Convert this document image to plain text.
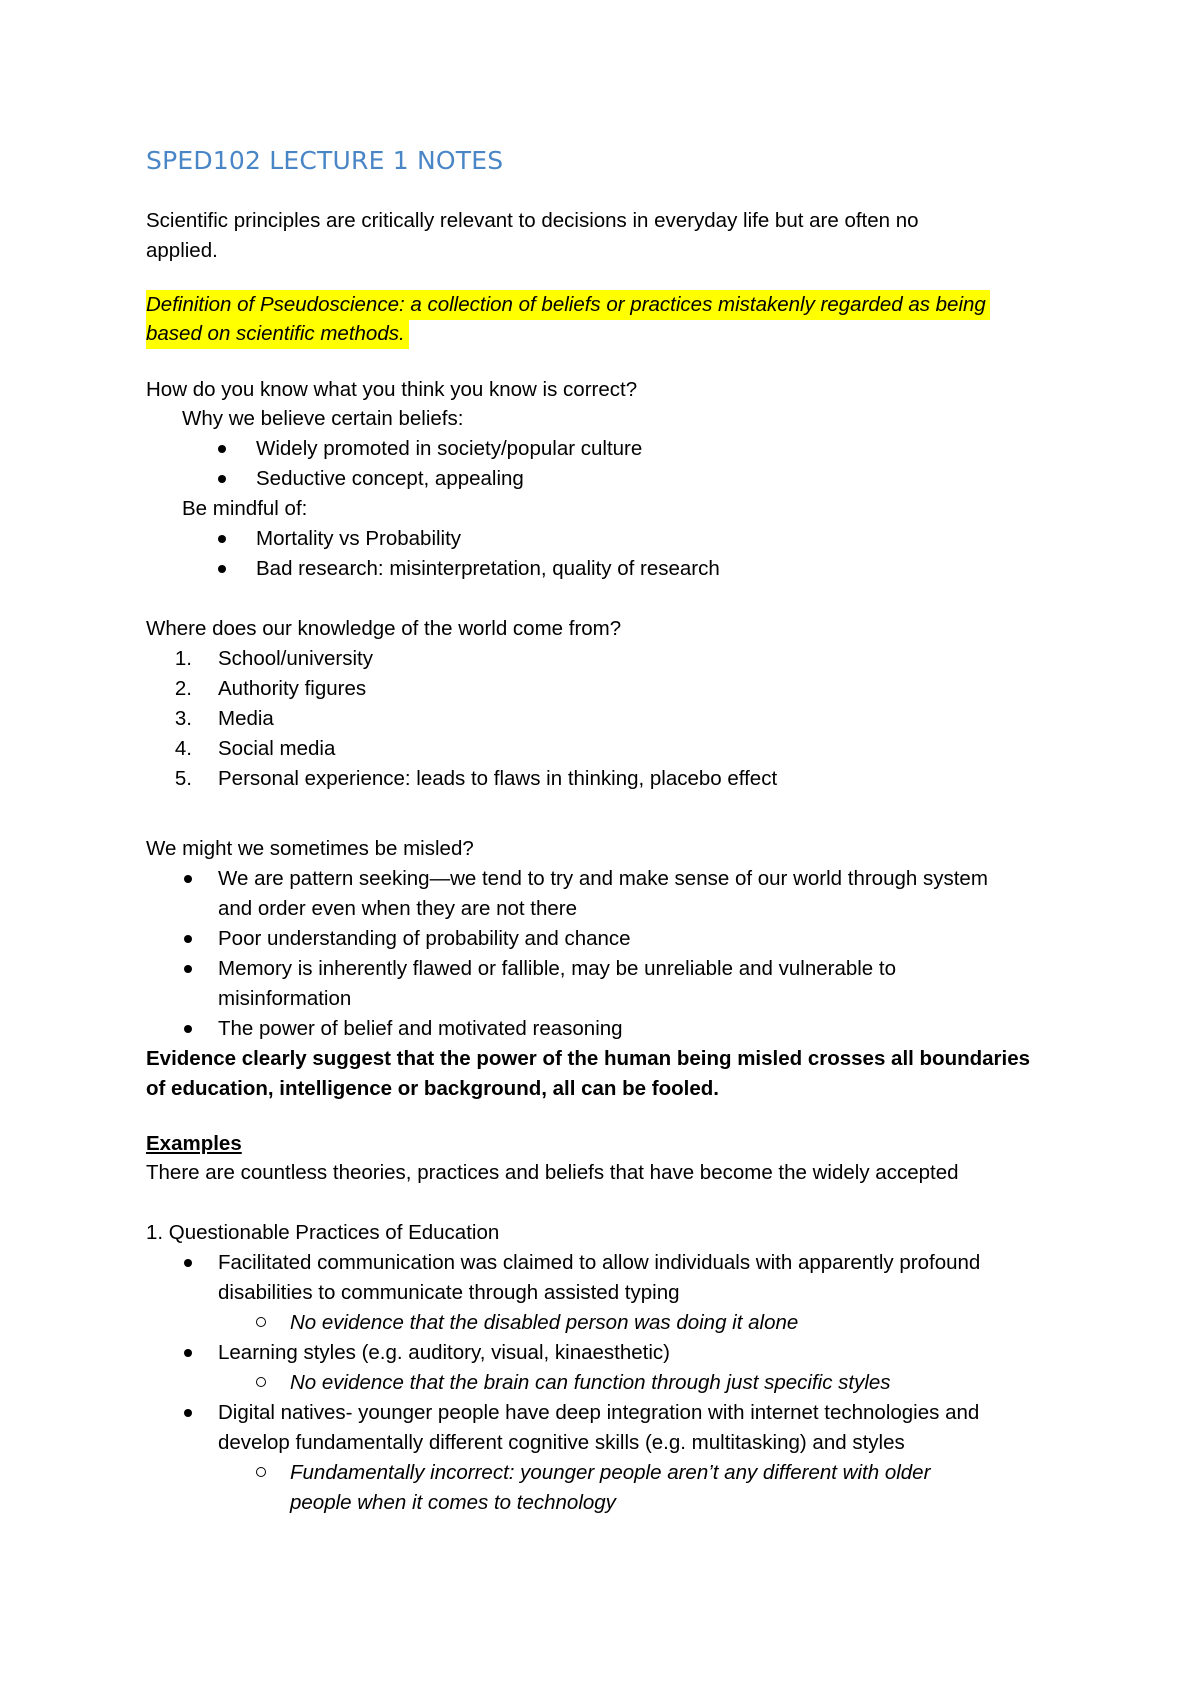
SPED102 LECTURE 1 NOTES
Scientific principles are critically relevant to decisions in everyday life but are often no
applied.
Definition of Pseudoscience: a collection of beliefs or practices mistakenly regarded as being
based on scientific methods.
How do you know what you think you know is correct?
Why we believe certain beliefs:
Widely promoted in society/popular culture
Seductive concept, appealing
Be mindful of:
Mortality vs Probability
Bad research: misinterpretation, quality of research
Where does our knowledge of the world come from?
1. School/university
2. Authority figures
3. Media
4. Social media
5. Personal experience: leads to flaws in thinking, placebo effect
We might we sometimes be misled?
We are pattern seeking—we tend to try and make sense of our world through system
and order even when they are not there
Poor understanding of probability and chance
Memory is inherently flawed or fallible, may be unreliable and vulnerable to
misinformation
The power of belief and motivated reasoning
Evidence clearly suggest that the power of the human being misled crosses all boundaries
of education, intelligence or background, all can be fooled.
Examples
There are countless theories, practices and beliefs that have become the widely accepted
1. Questionable Practices of Education
Facilitated communication was claimed to allow individuals with apparently profound
disabilities to communicate through assisted typing
No evidence that the disabled person was doing it alone
Learning styles (e.g. auditory, visual, kinaesthetic)
No evidence that the brain can function through just specific styles
Digital natives- younger people have deep integration with internet technologies and
develop fundamentally different cognitive skills (e.g. multitasking) and styles
Fundamentally incorrect: younger people aren’t any different with older
people when it comes to technology
